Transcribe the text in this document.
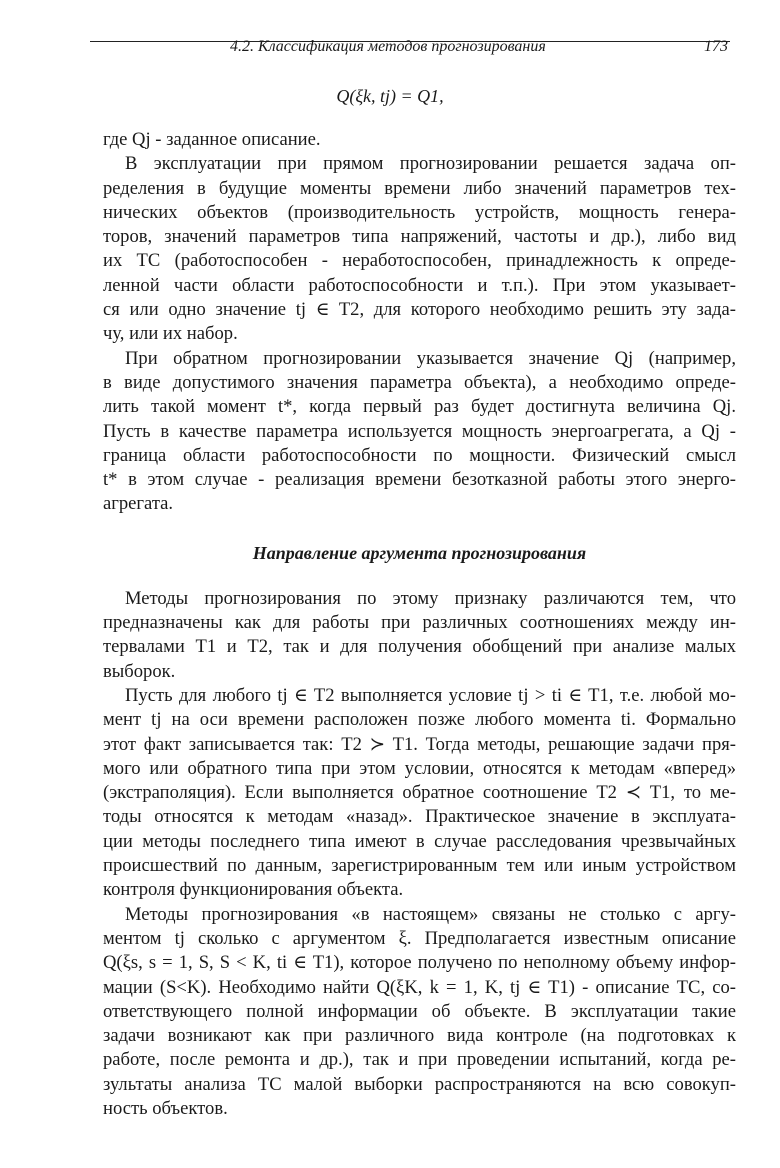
4.2. Классификация методов прогнозирования	173
Q(ξk, tj) = Q1,
где Qj - заданное описание.
В эксплуатации при прямом прогнозировании решается задача оп-
ределения в будущие моменты времени либо значений параметров тех-
нических объектов (производительность устройств, мощность генера-
торов, значений параметров типа напряжений, частоты и др.), либо вид
их ТС (работоспособен - неработоспособен, принадлежность к опреде-
ленной части области работоспособности и т.п.). При этом указывает-
ся или одно значение tj ∈ T2, для которого необходимо решить эту зада-
чу, или их набор.
При обратном прогнозировании указывается значение Qj (например,
в виде допустимого значения параметра объекта), а необходимо опреде-
лить такой момент t*, когда первый раз будет достигнута величина Qj.
Пусть в качестве параметра используется мощность энергоагрегата, а Qj -
граница области работоспособности по мощности. Физический смысл
t* в этом случае - реализация времени безотказной работы этого энерго-
агрегата.
Направление аргумента прогнозирования
Методы прогнозирования по этому признаку различаются тем, что
предназначены как для работы при различных соотношениях между ин-
тервалами T1 и T2, так и для получения обобщений при анализе малых
выборок.
Пусть для любого tj ∈ T2 выполняется условие tj > ti ∈ T1, т.е. любой мо-
мент tj на оси времени расположен позже любого момента ti. Формально
этот факт записывается так: T2 ≻ T1. Тогда методы, решающие задачи пря-
мого или обратного типа при этом условии, относятся к методам «вперед»
(экстраполяция). Если выполняется обратное соотношение T2 ≺ T1, то ме-
тоды относятся к методам «назад». Практическое значение в эксплуата-
ции методы последнего типа имеют в случае расследования чрезвычайных
происшествий по данным, зарегистрированным тем или иным устройством
контроля функционирования объекта.
Методы прогнозирования «в настоящем» связаны не столько с аргу-
ментом tj сколько с аргументом ξ. Предполагается известным описание
Q(ξs, s = 1, S, S < K, ti ∈ T1), которое получено по неполному объему инфор-
мации (S<K). Необходимо найти Q(ξK, k = 1, K, tj ∈ T1) - описание ТС, со-
ответствующего полной информации об объекте. В эксплуатации такие
задачи возникают как при различного вида контроле (на подготовках к
работе, после ремонта и др.), так и при проведении испытаний, когда ре-
зультаты анализа ТС малой выборки распространяются на всю совокуп-
ность объектов.
